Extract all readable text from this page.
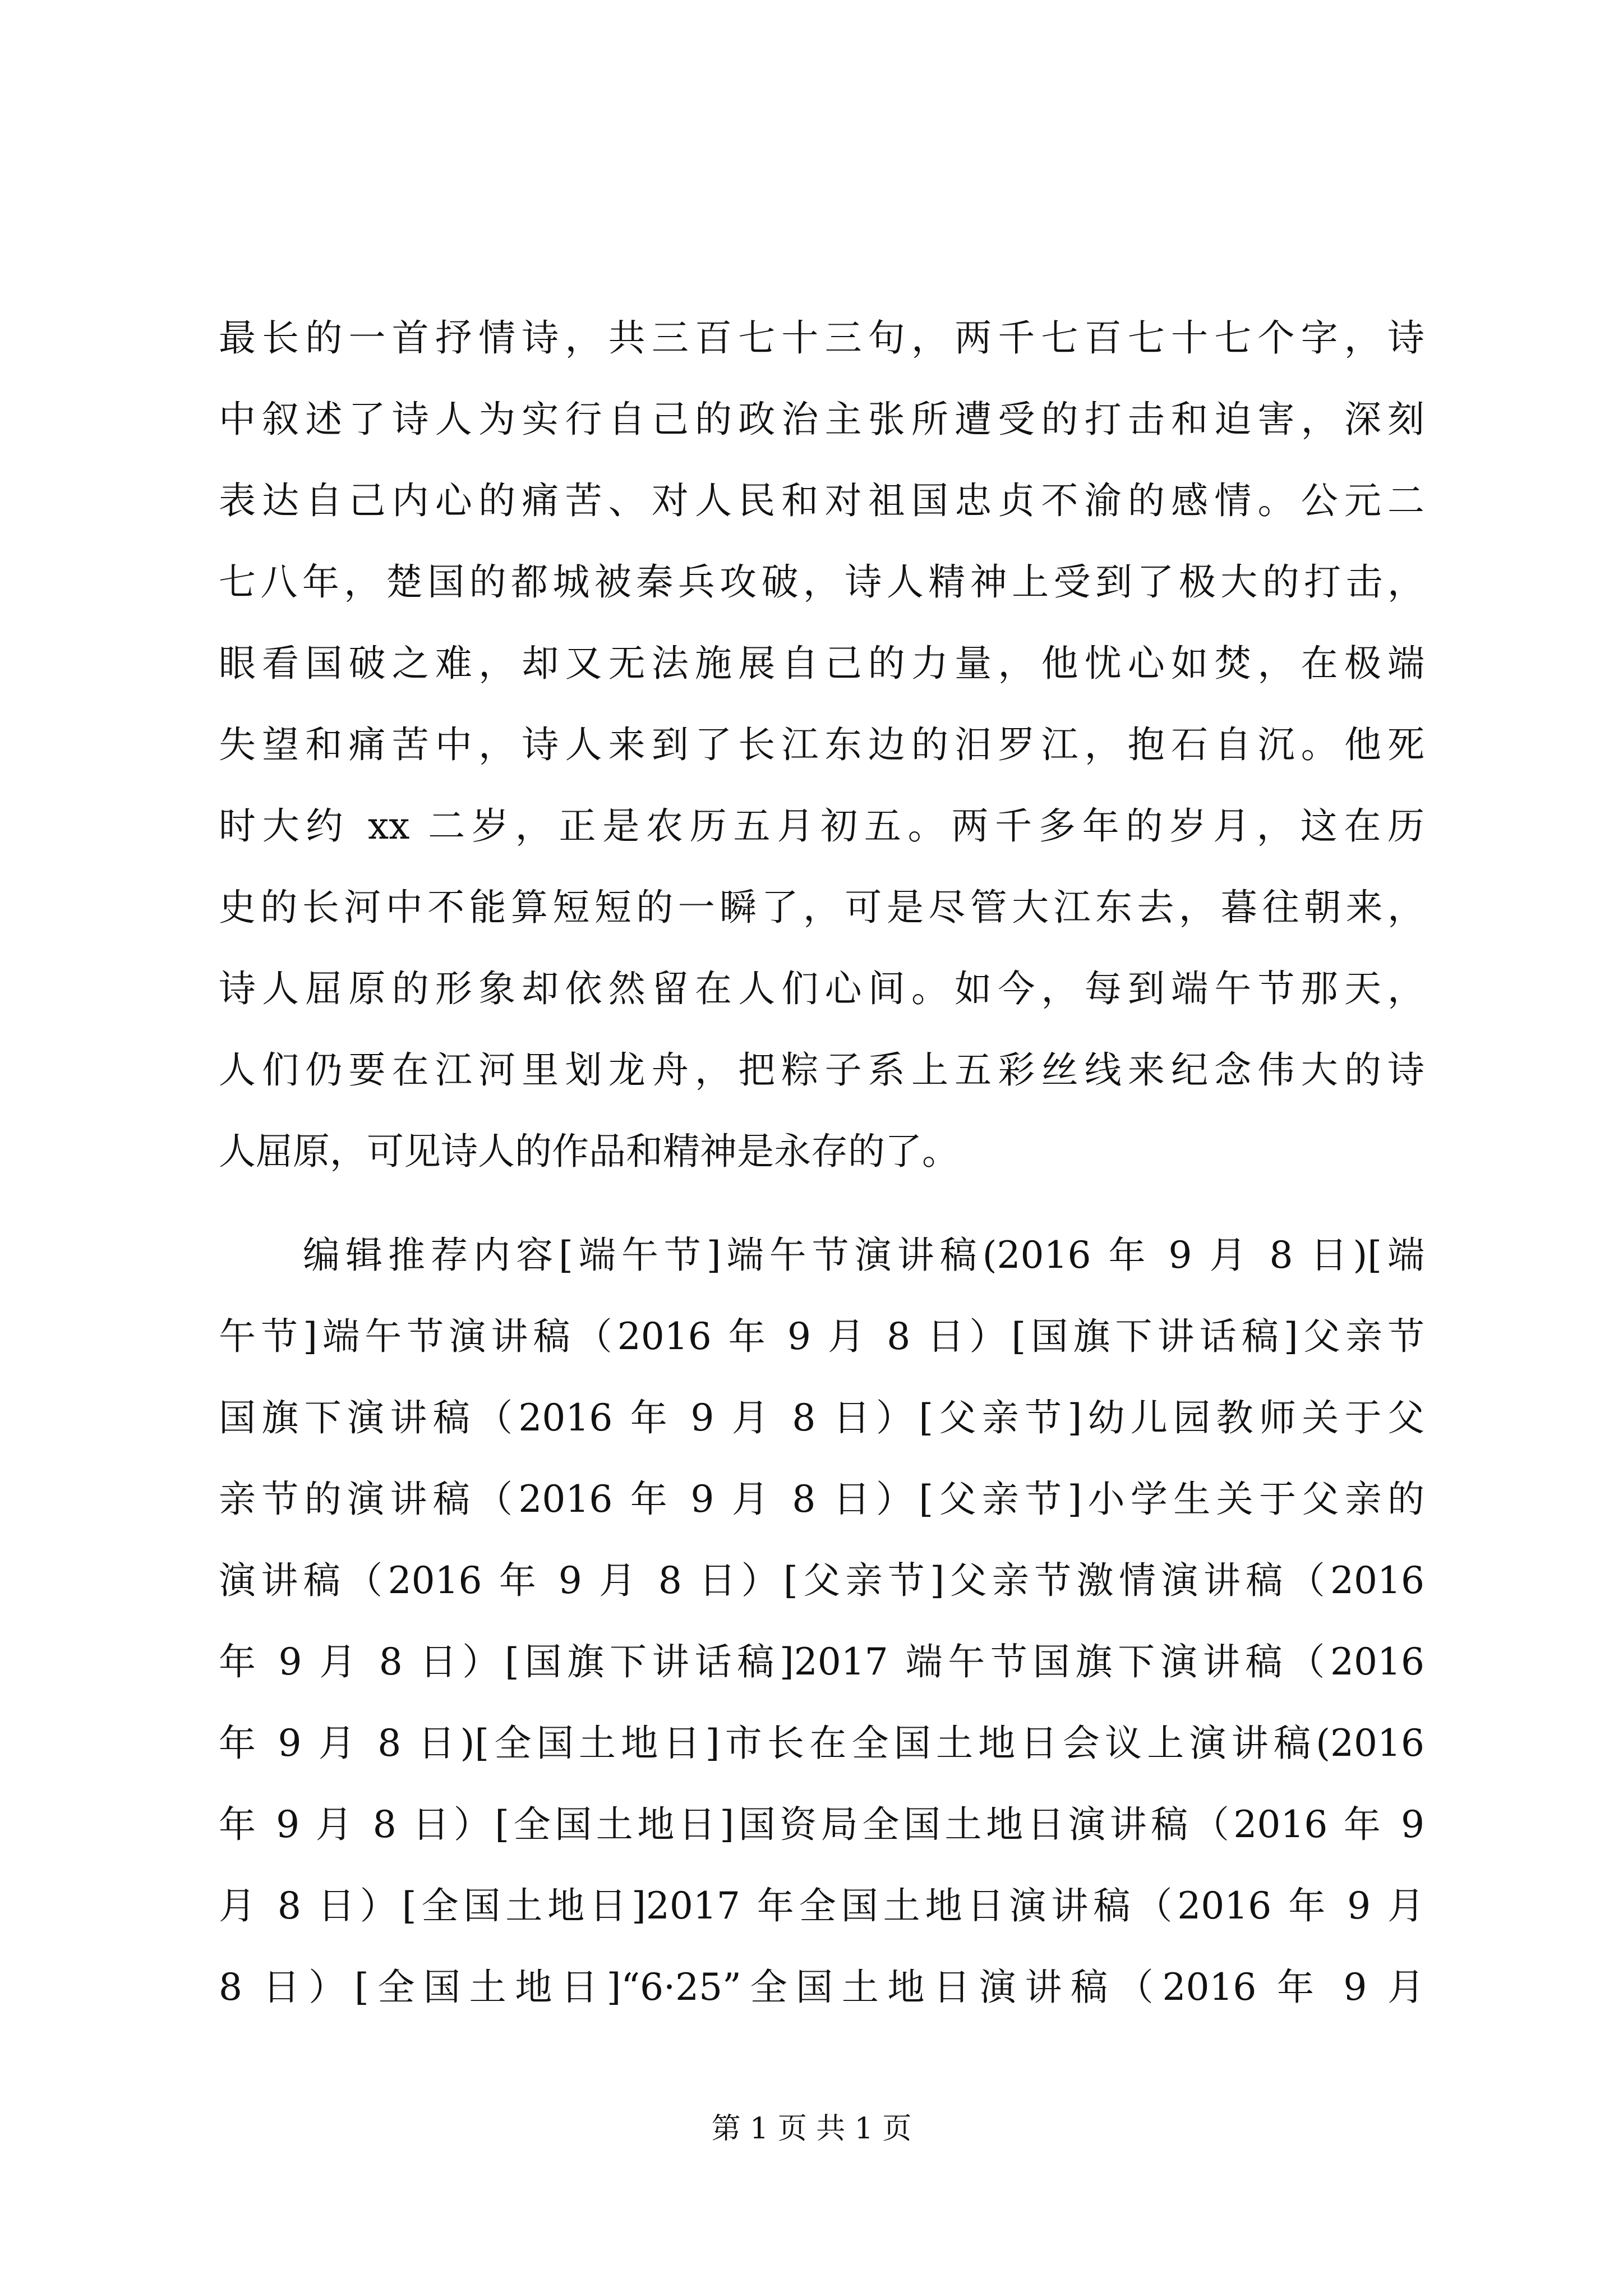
最长的一首抒情诗，共三百七十三句，两千七百七十七个字，诗
中叙述了诗人为实行自己的政治主张所遭受的打击和迫害，深刻
表达自己内心的痛苦、对人民和对祖国忠贞不渝的感情。公元二
七八年，楚国的都城被秦兵攻破，诗人精神上受到了极大的打击，
眼看国破之难，却又无法施展自己的力量，他忧心如焚，在极端
失望和痛苦中，诗人来到了长江东边的汨罗江，抱石自沉。他死
时大约 xx 二岁，正是农历五月初五。两千多年的岁月，这在历
史的长河中不能算短短的一瞬了，可是尽管大江东去，暮往朝来，
诗人屈原的形象却依然留在人们心间。如今，每到端午节那天，
人们仍要在江河里划龙舟，把粽子系上五彩丝线来纪念伟大的诗
人屈原，可见诗人的作品和精神是永存的了。
编辑推荐内容[端午节]端午节演讲稿(2016 年 9 月 8 日)[端
午节]端午节演讲稿（2016 年 9 月 8 日）[国旗下讲话稿]父亲节
国旗下演讲稿（2016 年 9 月 8 日）[父亲节]幼儿园教师关于父
亲节的演讲稿（2016 年 9 月 8 日）[父亲节]小学生关于父亲的
演讲稿（2016 年 9 月 8 日）[父亲节]父亲节激情演讲稿（2016
年 9 月 8 日）[国旗下讲话稿]2017 端午节国旗下演讲稿（2016
年 9 月 8 日)[全国土地日]市长在全国土地日会议上演讲稿(2016
年 9 月 8 日）[全国土地日]国资局全国土地日演讲稿（2016 年 9
月 8 日）[全国土地日]2017 年全国土地日演讲稿（2016 年 9 月
8 日）[全国土地日]“6·25”全国土地日演讲稿（2016 年 9 月
第 1 页 共 1 页
